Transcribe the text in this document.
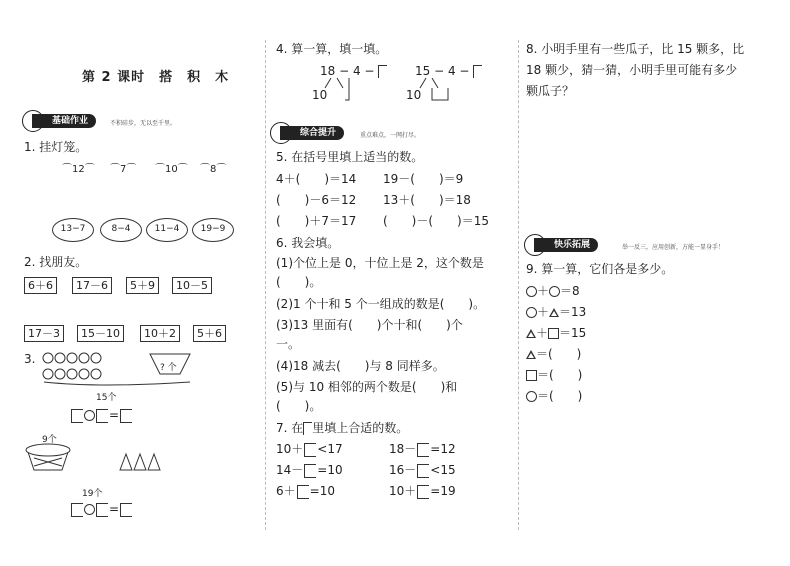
第 2 课时　搭　积　木
基础作业	不积硅步，无以至千里。
1. 挂灯笼。
⌒12⌒ ⌒7⌒ ⌒10⌒ ⌒8⌒
13−7	8−4	11−4	19−9
2. 找朋友。
6＋6	17－6	5＋9	10－5
17－3	15－10	10＋2	5＋6
3.
? 个
15个
=
9个
19个
=
4. 算一算，填一填。
18 − 4 −
10
15 − 4 −
10
综合提升	重点难点，一网打尽。
5. 在括号里填上适当的数。
4＋(　　)＝14 19－(　　)＝9
(　　)－6＝12 13＋(　　)＝18
(　　)＋7＝17 (　　)－(　　)＝15
6. 我会填。
(1)个位上是 0，十位上是 2，这个数是
(　　)。
(2)1 个十和 5 个一组成的数是(　　)。
(3)13 里面有(　　)个十和(　　)个
一。
(4)18 减去(　　)与 8 同样多。
(5)与 10 相邻的两个数是(　　)和
(　　)。
7. 在 里填上合适的数。
10＋ <17	18－ =12
14－ =10	16－ <15
6＋ =10	10＋ =19
8. 小明手里有一些瓜子，比 15 颗多，比
18 颗少，猜一猜，小明手里可能有多少
颗瓜子？
快乐拓展	举一反三，应用创新，方能一显身手！
9. 算一算，它们各是多少。
＋ ＝8
＋ ＝13
＋ ＝15
＝(　　)
＝(　　)
＝(　　)
